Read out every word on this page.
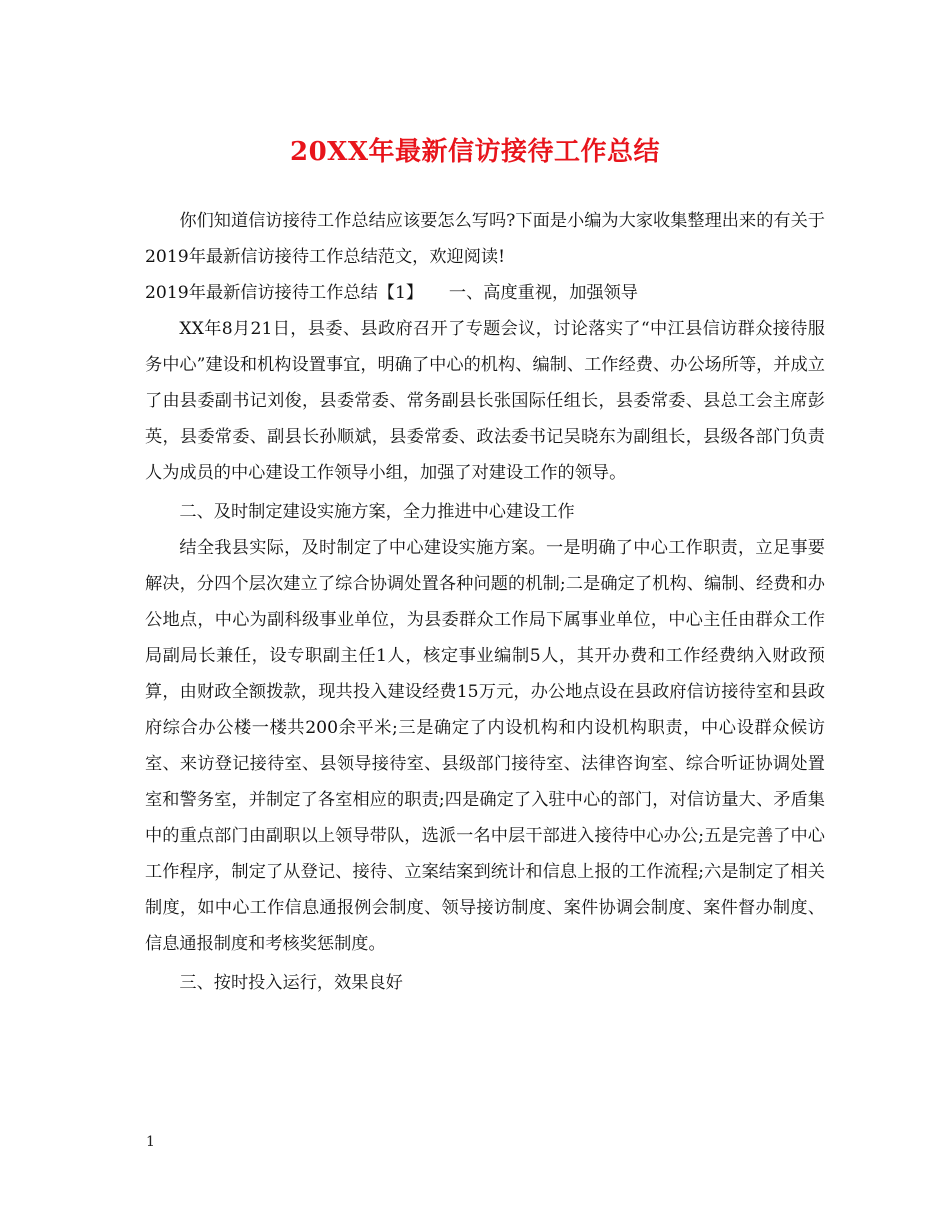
20XX年最新信访接待工作总结

你们知道信访接待工作总结应该要怎么写吗?下面是小编为大家收集整理出来的有关于2019年最新信访接待工作总结范文，欢迎阅读!

2019年最新信访接待工作总结【1】　　一、高度重视，加强领导

XX年8月21日，县委、县政府召开了专题会议，讨论落实了“中江县信访群众接待服务中心”建设和机构设置事宜，明确了中心的机构、编制、工作经费、办公场所等，并成立了由县委副书记刘俊，县委常委、常务副县长张国际任组长，县委常委、县总工会主席彭英，县委常委、副县长孙顺斌，县委常委、政法委书记吴晓东为副组长，县级各部门负责人为成员的中心建设工作领导小组，加强了对建设工作的领导。

二、及时制定建设实施方案，全力推进中心建设工作

结全我县实际，及时制定了中心建设实施方案。一是明确了中心工作职责，立足事要解决，分四个层次建立了综合协调处置各种问题的机制;二是确定了机构、编制、经费和办公地点，中心为副科级事业单位，为县委群众工作局下属事业单位，中心主任由群众工作局副局长兼任，设专职副主任1人，核定事业编制5人，其开办费和工作经费纳入财政预算，由财政全额拨款，现共投入建设经费15万元，办公地点设在县政府信访接待室和县政府综合办公楼一楼共200余平米;三是确定了内设机构和内设机构职责，中心设群众候访室、来访登记接待室、县领导接待室、县级部门接待室、法律咨询室、综合听证协调处置室和警务室，并制定了各室相应的职责;四是确定了入驻中心的部门，对信访量大、矛盾集中的重点部门由副职以上领导带队，选派一名中层干部进入接待中心办公;五是完善了中心工作程序，制定了从登记、接待、立案结案到统计和信息上报的工作流程;六是制定了相关制度，如中心工作信息通报例会制度、领导接访制度、案件协调会制度、案件督办制度、信息通报制度和考核奖惩制度。

三、按时投入运行，效果良好

1
